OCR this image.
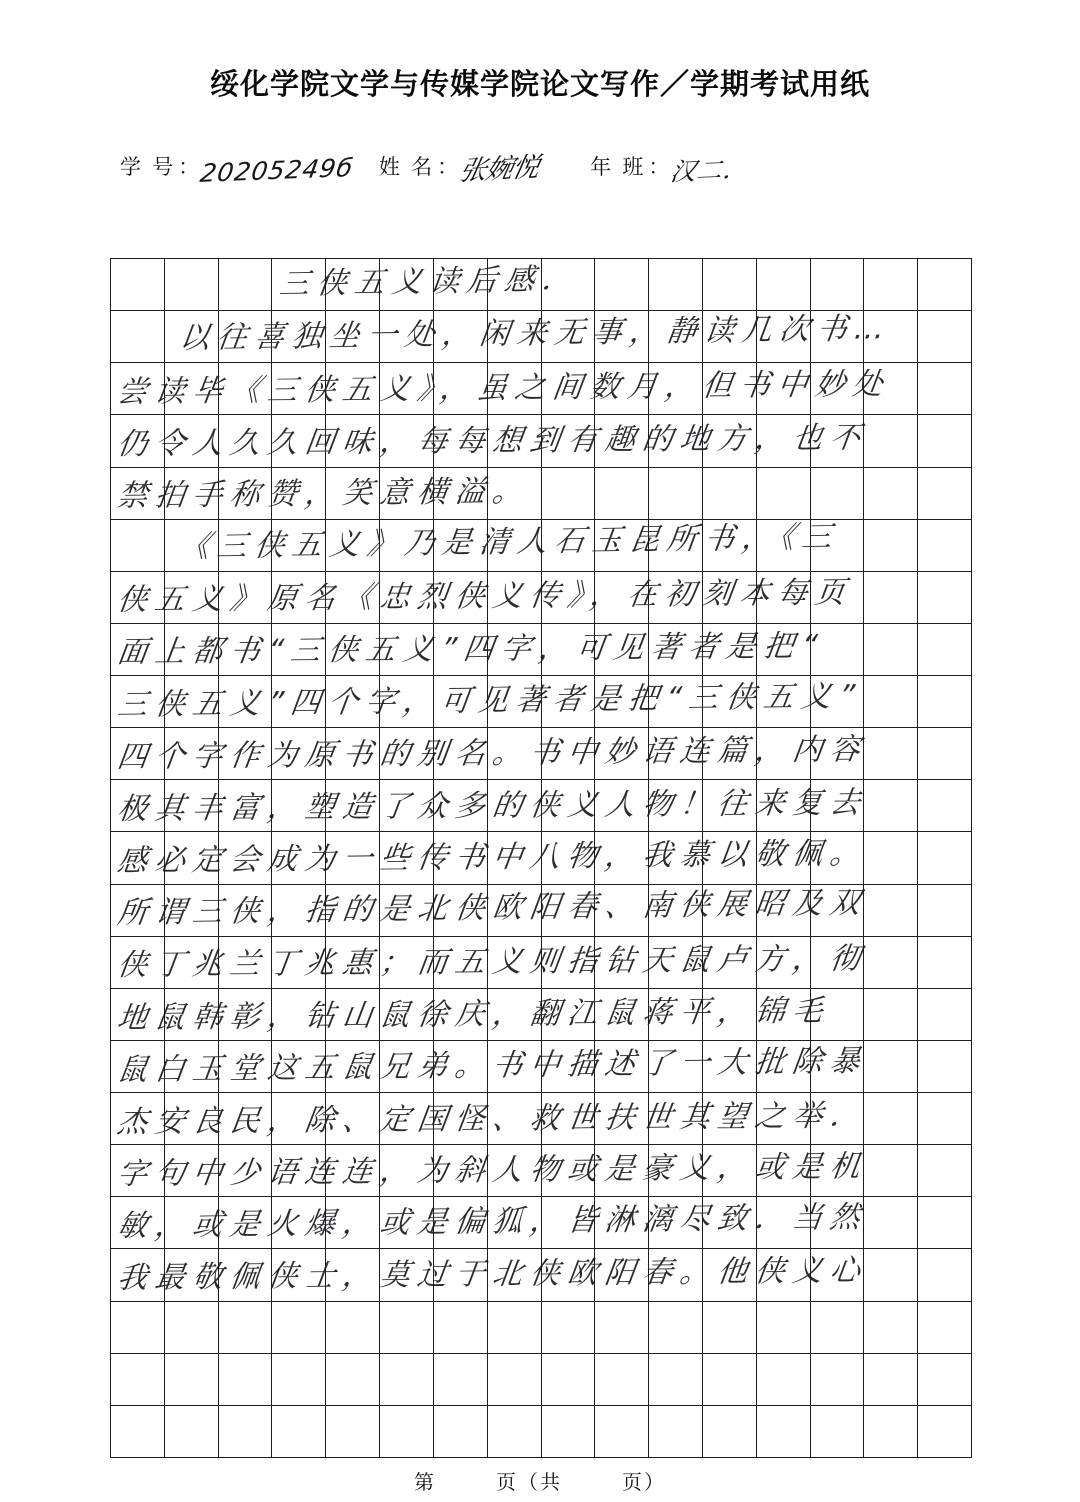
绥化学院文学与传媒学院论文写作／学期考试用纸
学 号 ： 20205249б 姓 名 ：
张婉悦 年 班 ： 汉二．

三侠五义读后感．
以往喜独坐一处，闲来无事，静读几次书…
尝读毕《三侠五义》，虽之间数月，但书中妙处
仍令人久久回味，每每想到有趣的地方，也不
禁拍手称赞，笑意横溢。
《三侠五义》乃是清人石玉昆所书，《三
侠五义》原名《忠烈侠义传》，在初刻本每页
面上都书“三侠五义”四字，可见著者是把“
三侠五义”四个字，可见著者是把“三侠五义”
四个字作为原书的别名。书中妙语连篇，内容
极其丰富，塑造了众多的侠义人物！往来复去
感必定会成为一些传书中八物，我慕以敬佩。
所谓三侠，指的是北侠欧阳春、南侠展昭及双
侠丁兆兰丁兆惠；而五义则指钻天鼠卢方，彻
地鼠韩彰，钻山鼠徐庆，翻江鼠蒋平，锦毛
鼠白玉堂这五鼠兄弟。书中描述了一大批除暴
杰安良民，除、定国怪、救世扶世其望之举．
字句中少语连连，为斜人物或是豪义，或是机
敏，或是火爆，或是偏狐，皆淋漓尽致．当然
我最敬佩侠士，莫过于北侠欧阳春。他侠义心
第	页（共	页）
